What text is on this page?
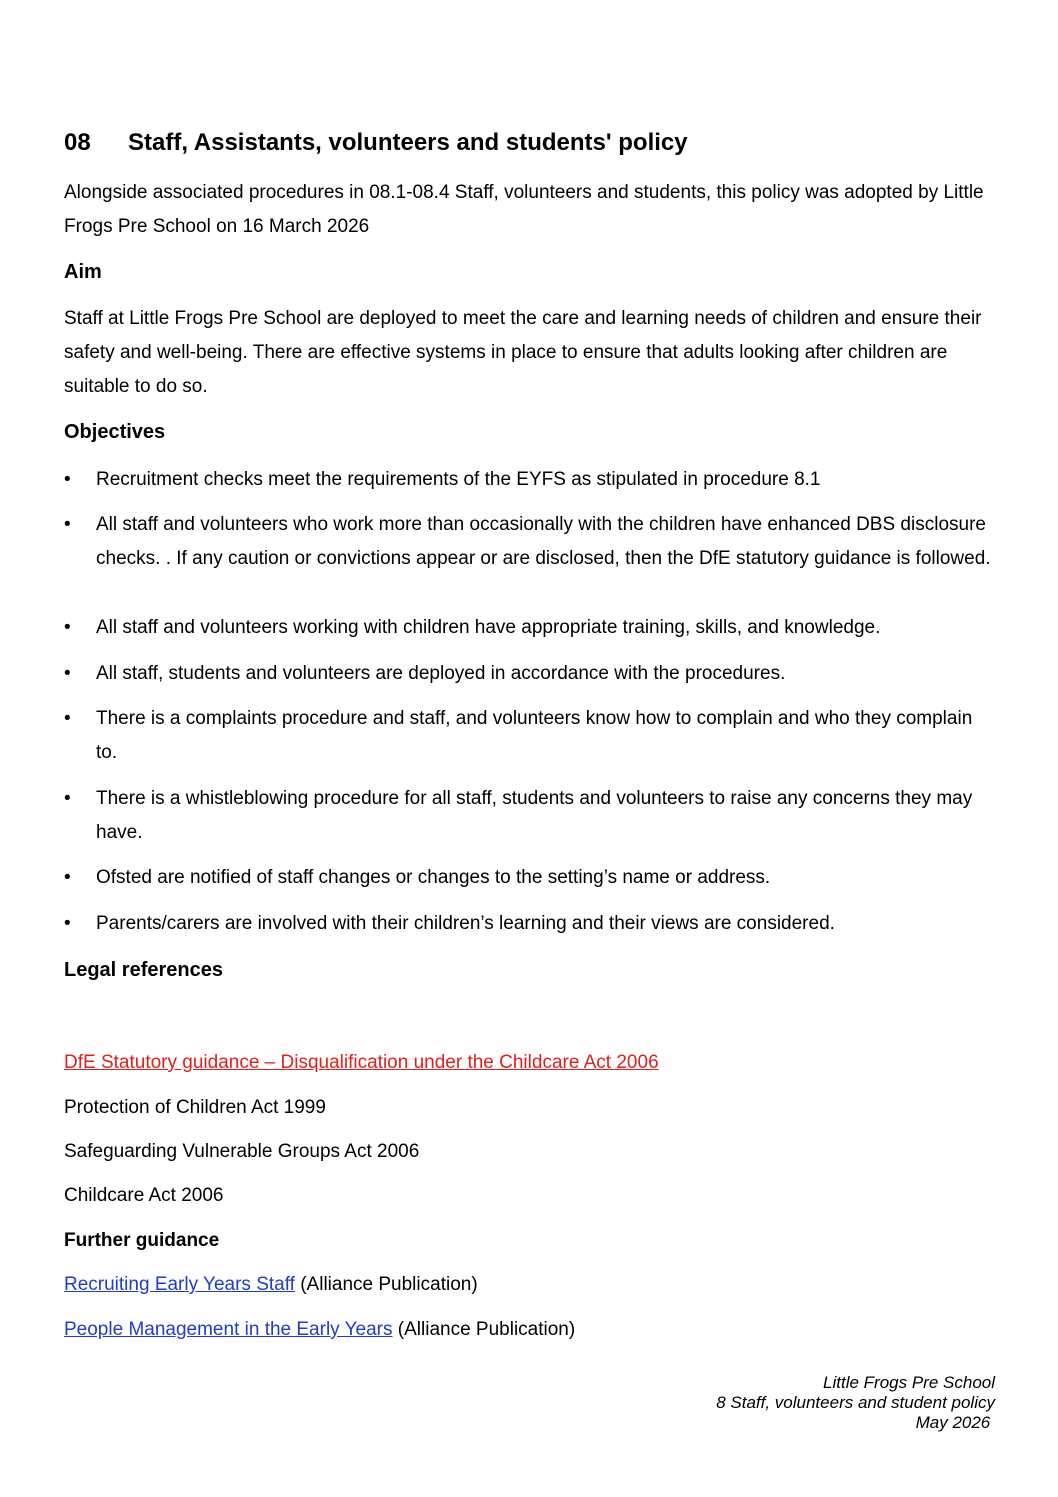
08 Staff, Assistants, volunteers and students' policy
Alongside associated procedures in 08.1-08.4 Staff, volunteers and students, this policy was adopted by Little Frogs Pre School on 16 March 2026
Aim
Staff at Little Frogs Pre School are deployed to meet the care and learning needs of children and ensure their safety and well-being. There are effective systems in place to ensure that adults looking after children are suitable to do so.
Objectives
• Recruitment checks meet the requirements of the EYFS as stipulated in procedure 8.1
• All staff and volunteers who work more than occasionally with the children have enhanced DBS disclosure checks. . If any caution or convictions appear or are disclosed, then the DfE statutory guidance is followed.
• All staff and volunteers working with children have appropriate training, skills, and knowledge.
• All staff, students and volunteers are deployed in accordance with the procedures.
• There is a complaints procedure and staff, and volunteers know how to complain and who they complain to.
• There is a whistleblowing procedure for all staff, students and volunteers to raise any concerns they may have.
• Ofsted are notified of staff changes or changes to the setting’s name or address.
• Parents/carers are involved with their children’s learning and their views are considered.
Legal references
DfE Statutory guidance – Disqualification under the Childcare Act 2006
Protection of Children Act 1999
Safeguarding Vulnerable Groups Act 2006
Childcare Act 2006
Further guidance
Recruiting Early Years Staff (Alliance Publication)
People Management in the Early Years (Alliance Publication)
Little Frogs Pre School
8 Staff, volunteers and student policy
May 2026
